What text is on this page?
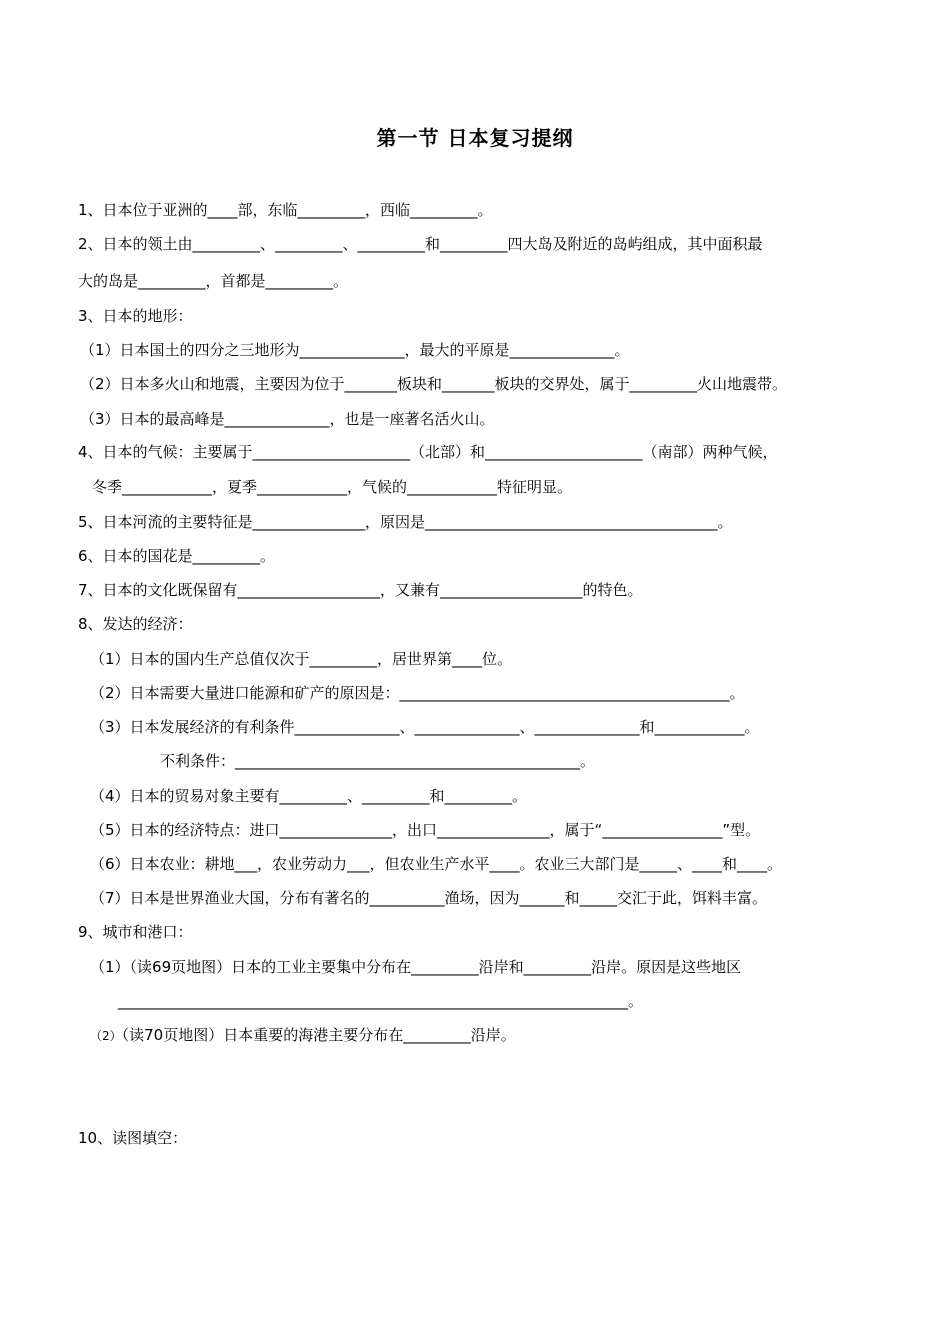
第一节 日本复习提纲
1、日本位于亚洲的____部，东临_________，西临_________。
2、日本的领土由_________、_________、_________和_________四大岛及附近的岛屿组成，其中面积最
大的岛是_________，首都是_________。
3、日本的地形：
（1）日本国土的四分之三地形为______________，最大的平原是______________。
（2）日本多火山和地震，主要因为位于_______板块和_______板块的交界处，属于_________火山地震带。
（3）日本的最高峰是______________，也是一座著名活火山。
4、日本的气候：主要属于_____________________（北部）和_____________________（南部）两种气候，
冬季____________，夏季____________，气候的____________特征明显。
5、日本河流的主要特征是_______________，原因是_______________________________________。
6、日本的国花是_________。
7、日本的文化既保留有___________________，又兼有___________________的特色。
8、发达的经济：
（1）日本的国内生产总值仅次于_________，居世界第____位。
（2）日本需要大量进口能源和矿产的原因是：____________________________________________。
（3）日本发展经济的有利条件______________、______________、______________和____________。
不利条件：______________________________________________。
（4）日本的贸易对象主要有_________、_________和_________。
（5）日本的经济特点：进口_______________，出口_______________，属于“________________”型。
（6）日本农业：耕地___，农业劳动力___，但农业生产水平____。农业三大部门是_____、____和____。
（7）日本是世界渔业大国，分布有著名的__________渔场，因为______和_____交汇于此，饵料丰富。
9、城市和港口：
（1）（读69页地图）日本的工业主要集中分布在_________沿岸和_________沿岸。原因是这些地区
____________________________________________________________________。
（2）（读70页地图）日本重要的海港主要分布在_________沿岸。
10、读图填空：
